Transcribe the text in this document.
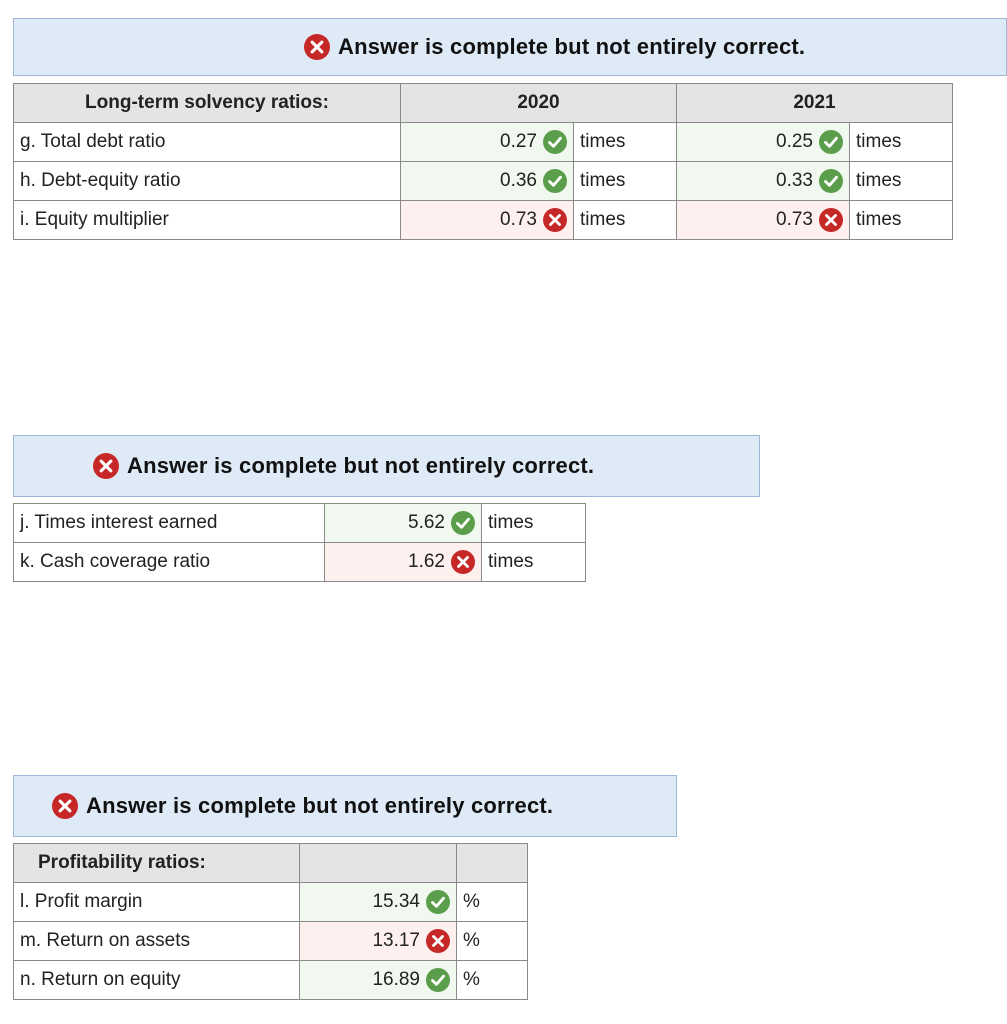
Answer is complete but not entirely correct.
Long-term solvency ratios:	2020		2021	
g. Total debt ratio	0.27	times	0.25	times
h. Debt-equity ratio	0.36	times	0.33	times
i. Equity multiplier	0.73	times	0.73	times
Answer is complete but not entirely correct.
j. Times interest earned	5.62	times
k. Cash coverage ratio	1.62	times
Answer is complete but not entirely correct.
Profitability ratios:		
l. Profit margin	15.34	%
m. Return on assets	13.17	%
n. Return on equity	16.89	%
